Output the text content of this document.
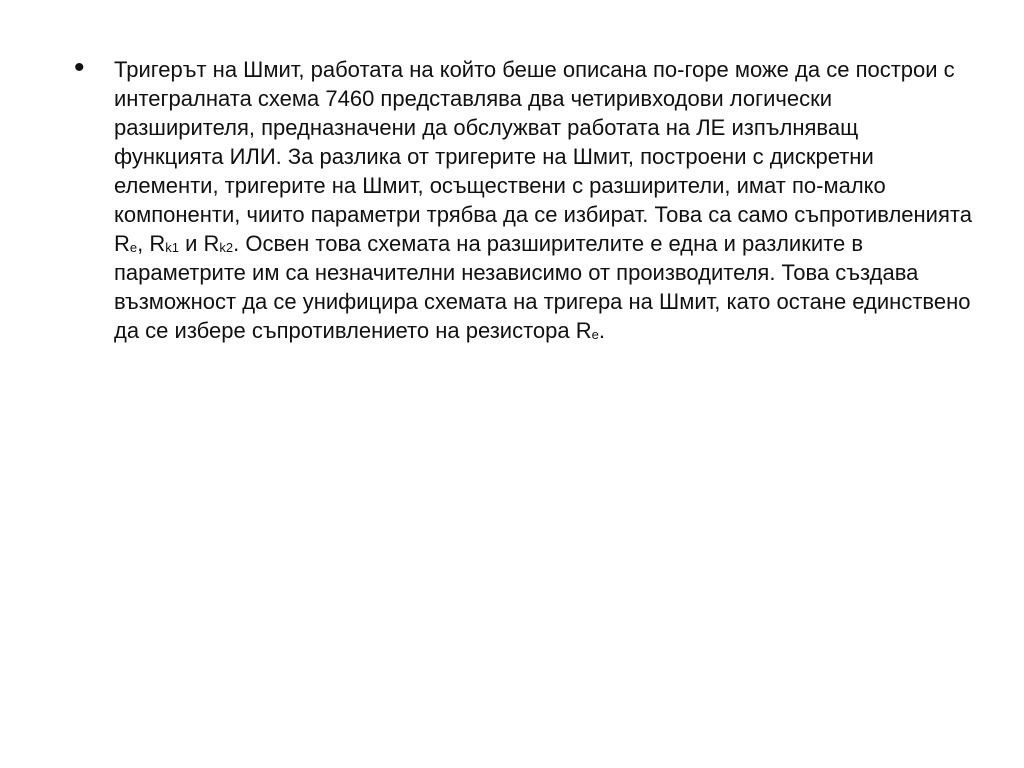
• Тригерът на Шмит, работата на който беше описана по-горе може да се построи с интегралната схема 7460 представлява два четиривходови логически разширителя, предназначени да обслужват работата на ЛЕ изпълняващ функцията ИЛИ. За разлика от тригерите на Шмит, построени с дискретни елементи, тригерите на Шмит, осъществени с разширители, имат по-малко компоненти, чиито параметри трябва да се избират. Това са само съпротивленията $R_e$, $R_{k1}$ и $R_{k2}$. Освен това схемата на разширителите е една и разликите в параметрите им са незначителни независимо от производителя. Това създава възможност да се унифицира схемата на тригера на Шмит, като остане единствено да се избере съпротивлението на резистора $R_e$.
